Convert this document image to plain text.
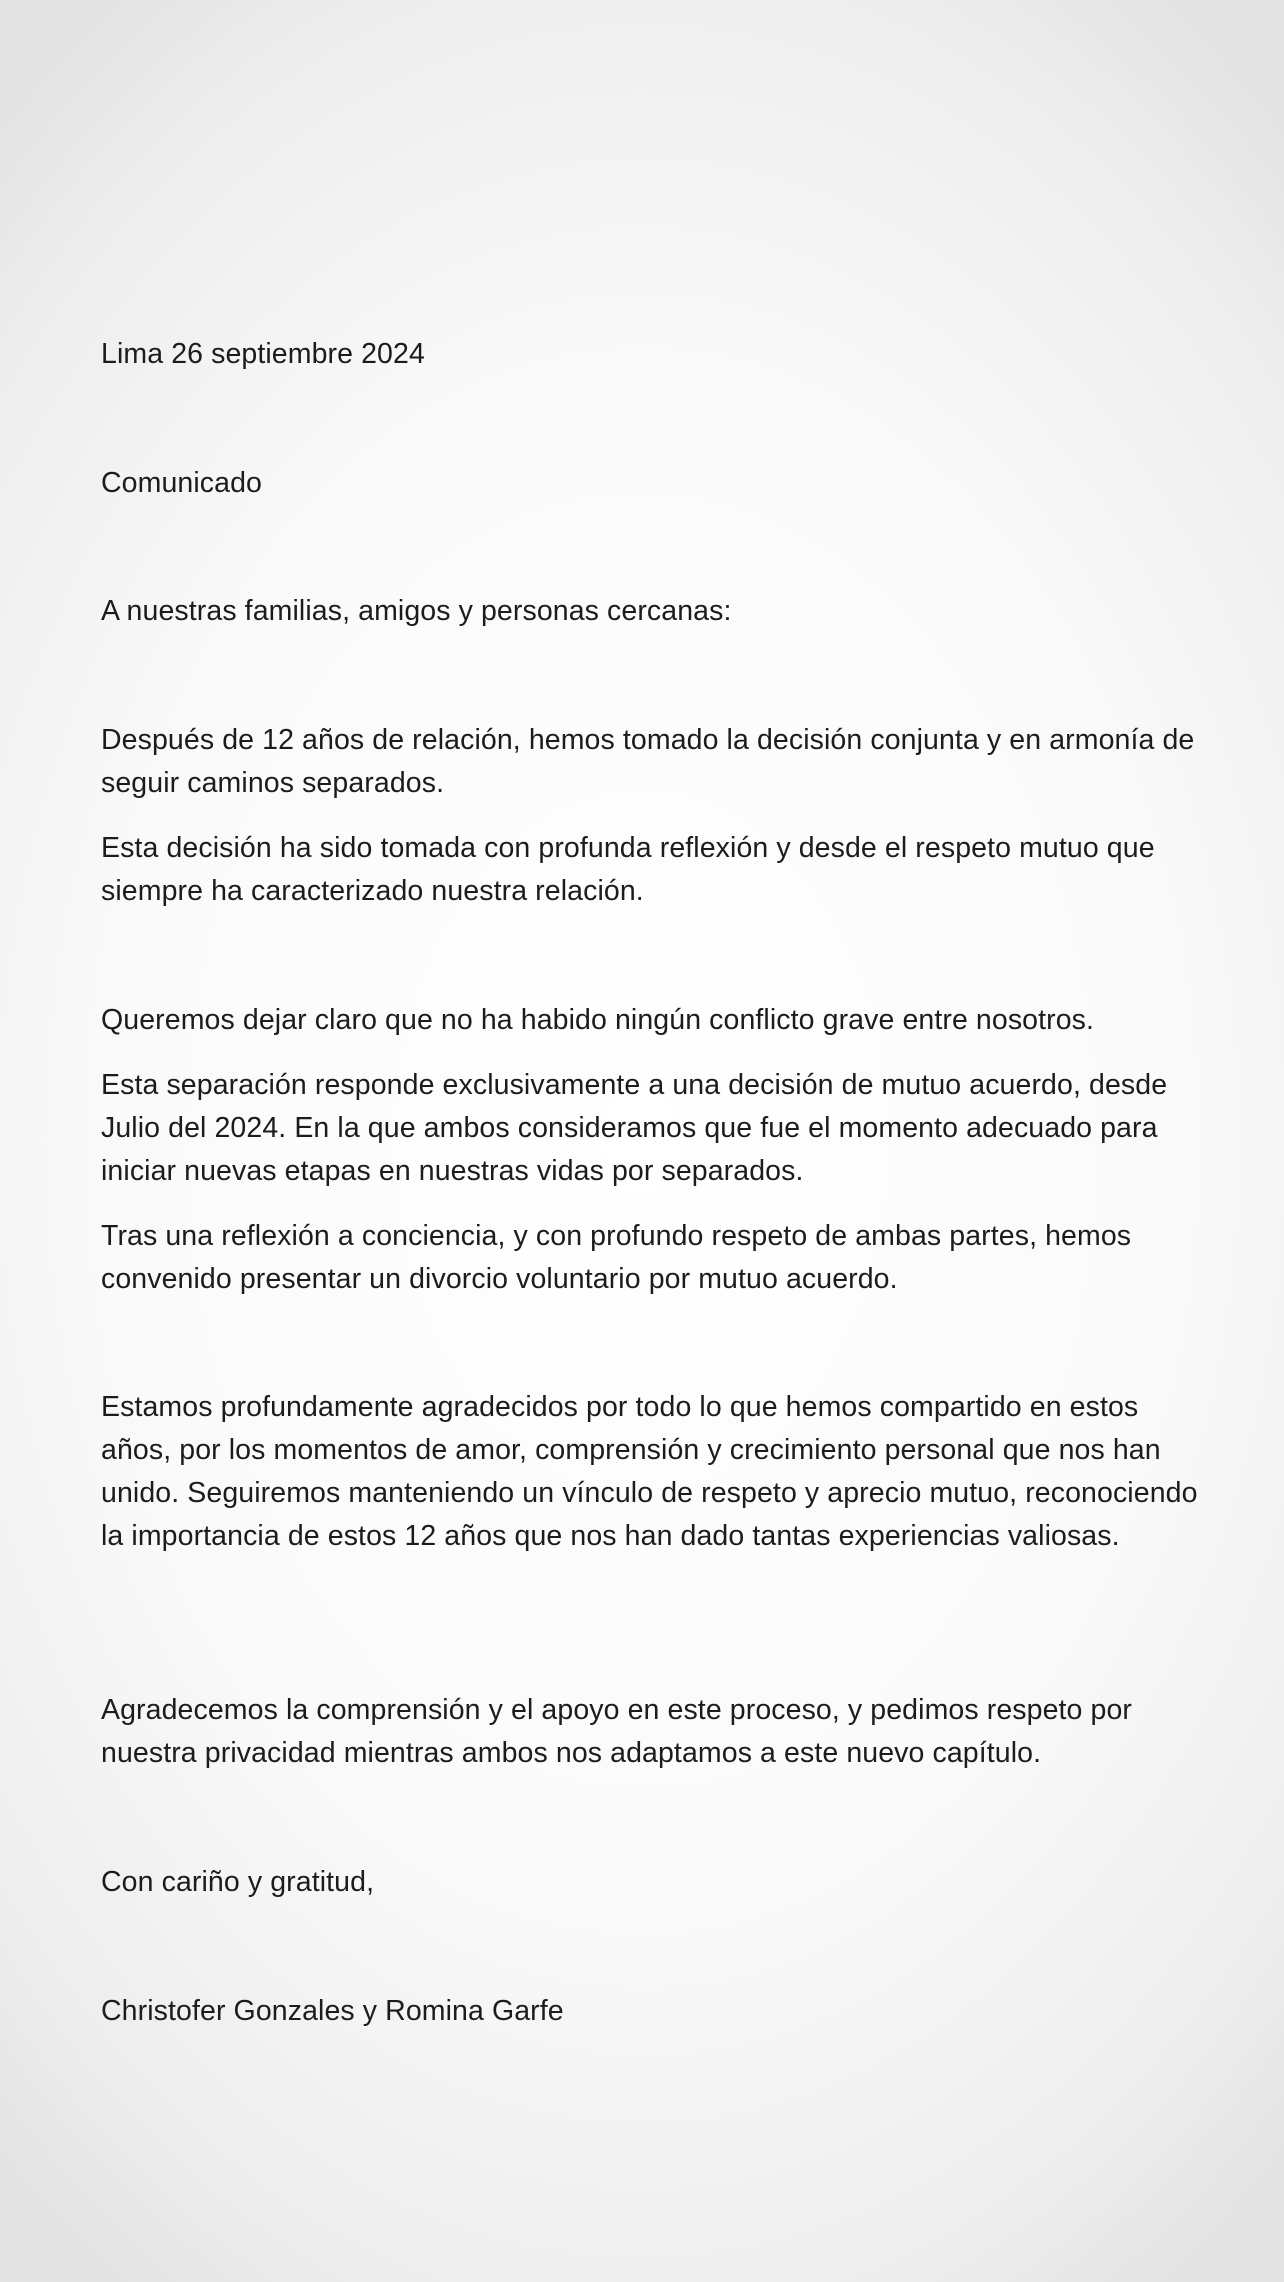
Lima 26 septiembre 2024

Comunicado

A nuestras familias, amigos y personas cercanas:

Después de 12 años de relación, hemos tomado la decisión conjunta y en armonía de seguir caminos separados.

Esta decisión ha sido tomada con profunda reflexión y desde el respeto mutuo que siempre ha caracterizado nuestra relación.

Queremos dejar claro que no ha habido ningún conflicto grave entre nosotros.

Esta separación responde exclusivamente a una decisión de mutuo acuerdo, desde Julio del 2024. En la que ambos consideramos que fue el momento adecuado para iniciar nuevas etapas en nuestras vidas por separados.

Tras una reflexión a conciencia, y con profundo respeto de ambas partes, hemos convenido presentar un divorcio voluntario por mutuo acuerdo.

Estamos profundamente agradecidos por todo lo que hemos compartido en estos años, por los momentos de amor, comprensión y crecimiento personal que nos han unido. Seguiremos manteniendo un vínculo de respeto y aprecio mutuo, reconociendo la importancia de estos 12 años que nos han dado tantas experiencias valiosas.

Agradecemos la comprensión y el apoyo en este proceso, y pedimos respeto por nuestra privacidad mientras ambos nos adaptamos a este nuevo capítulo.

Con cariño y gratitud,

Christofer Gonzales y Romina Garfe
